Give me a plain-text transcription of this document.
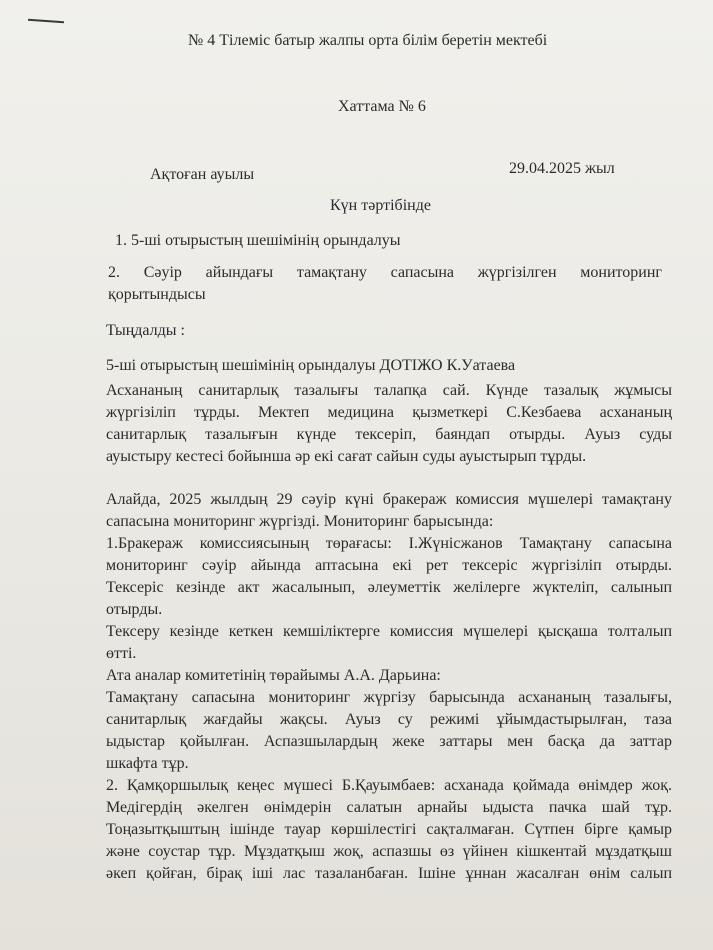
№ 4 Тілеміс батыр жалпы орта білім беретін мектебі
Хаттама № 6
Ақтоған ауылы	29.04.2025 жыл
Күн тәртібінде
1. 5-ші отырыстың шешімінің орындалуы
2. Сәуір айындағы тамақтану сапасына жүргізілген мониторинг
қорытындысы
Тыңдалды :
5-ші отырыстың шешімінің орындалуы ДОТІЖО К.Уатаева
Асхананың санитарлық тазалығы талапқа сай. Күнде тазалық жұмысы
жүргізіліп тұрды. Мектеп медицина қызметкері С.Кезбаева асхананың
санитарлық тазалығын күнде тексеріп, баяндап отырды. Ауыз суды
ауыстыру кестесі бойынша әр екі сағат сайын суды ауыстырып тұрды.
Алайда, 2025 жылдың 29 сәуір күні бракераж комиссия мүшелері тамақтану
сапасына мониторинг жүргізді. Мониторинг барысында:
1.Бракераж комиссиясының төрағасы: І.Жүнісжанов Тамақтану сапасына
мониторинг сәуір айында аптасына екі рет тексеріс жүргізіліп отырды.
Тексеріс кезінде акт жасалынып, әлеуметтік желілерге жүктеліп, салынып
отырды.
Тексеру кезінде кеткен кемшіліктерге комиссия мүшелері қысқаша толталып
өтті.
Ата аналар комитетінің төрайымы А.А. Дарьина:
Тамақтану сапасына мониторинг жүргізу барысында асхананың тазалығы,
санитарлық жағдайы жақсы. Ауыз су режимі ұйымдастырылған, таза
ыдыстар қойылған. Аспазшылардың жеке заттары мен басқа да заттар
шкафта тұр.
2. Қамқоршылық кеңес мүшесі Б.Қауымбаев: асханада қоймада өнімдер жоқ.
Медігердің әкелген өнімдерін салатын арнайы ыдыста пачка шай тұр.
Тоңазытқыштың ішінде тауар көршілестігі сақталмаған. Сүтпен бірге қамыр
және соустар тұр. Мұздатқыш жоқ, аспазшы өз үйінен кішкентай мұздатқыш
әкеп қойған, бірақ іші лас тазаланбаған. Ішіне ұннан жасалған өнім салып
